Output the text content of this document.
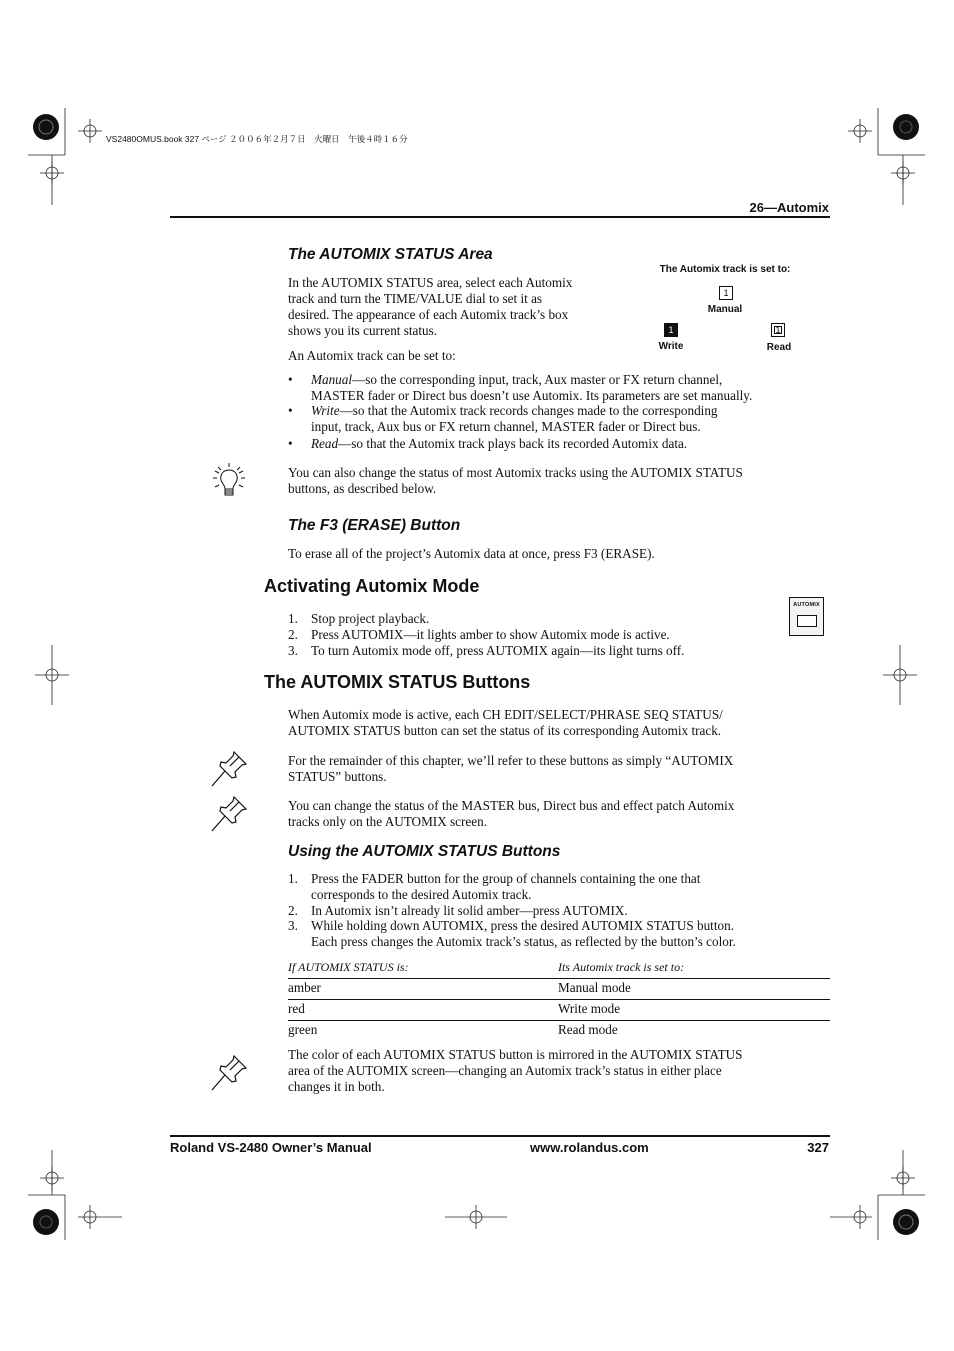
VS2480OMUS.book 327 ページ ２００６年２月７日　火曜日　午後４時１６分
26—Automix
The AUTOMIX STATUS Area
In the AUTOMIX STATUS area, select each Automix
track and turn the TIME/VALUE dial to set it as
desired. The appearance of each Automix track’s box
shows you its current status.
An Automix track can be set to:
The Automix track is set to:
1
Manual
1
Write
1
Read
• Manual—so the corresponding input, track, Aux master or FX return channel,
MASTER fader or Direct bus doesn’t use Automix. Its parameters are set manually.
• Write—so that the Automix track records changes made to the corresponding
input, track, Aux bus or FX return channel, MASTER fader or Direct bus.
• Read—so that the Automix track plays back its recorded Automix data.
You can also change the status of most Automix tracks using the AUTOMIX STATUS
buttons, as described below.
The F3 (ERASE) Button
To erase all of the project’s Automix data at once, press F3 (ERASE).
Activating Automix Mode
AUTOMIX
1. Stop project playback.
2. Press AUTOMIX—it lights amber to show Automix mode is active.
3. To turn Automix mode off, press AUTOMIX again—its light turns off.
The AUTOMIX STATUS Buttons
When Automix mode is active, each CH EDIT/SELECT/PHRASE SEQ STATUS/
AUTOMIX STATUS button can set the status of its corresponding Automix track.
For the remainder of this chapter, we’ll refer to these buttons as simply “AUTOMIX
STATUS” buttons.
You can change the status of the MASTER bus, Direct bus and effect patch Automix
tracks only on the AUTOMIX screen.
Using the AUTOMIX STATUS Buttons
1. Press the FADER button for the group of channels containing the one that
corresponds to the desired Automix track.
2. In Automix isn’t already lit solid amber—press AUTOMIX.
3. While holding down AUTOMIX, press the desired AUTOMIX STATUS button.
Each press changes the Automix track’s status, as reflected by the button’s color.
If AUTOMIX STATUS is:	Its Automix track is set to:
amber	Manual mode
red	Write mode
green	Read mode
The color of each AUTOMIX STATUS button is mirrored in the AUTOMIX STATUS
area of the AUTOMIX screen—changing an Automix track’s status in either place
changes it in both.
Roland VS-2480 Owner’s Manual	www.rolandus.com	327
